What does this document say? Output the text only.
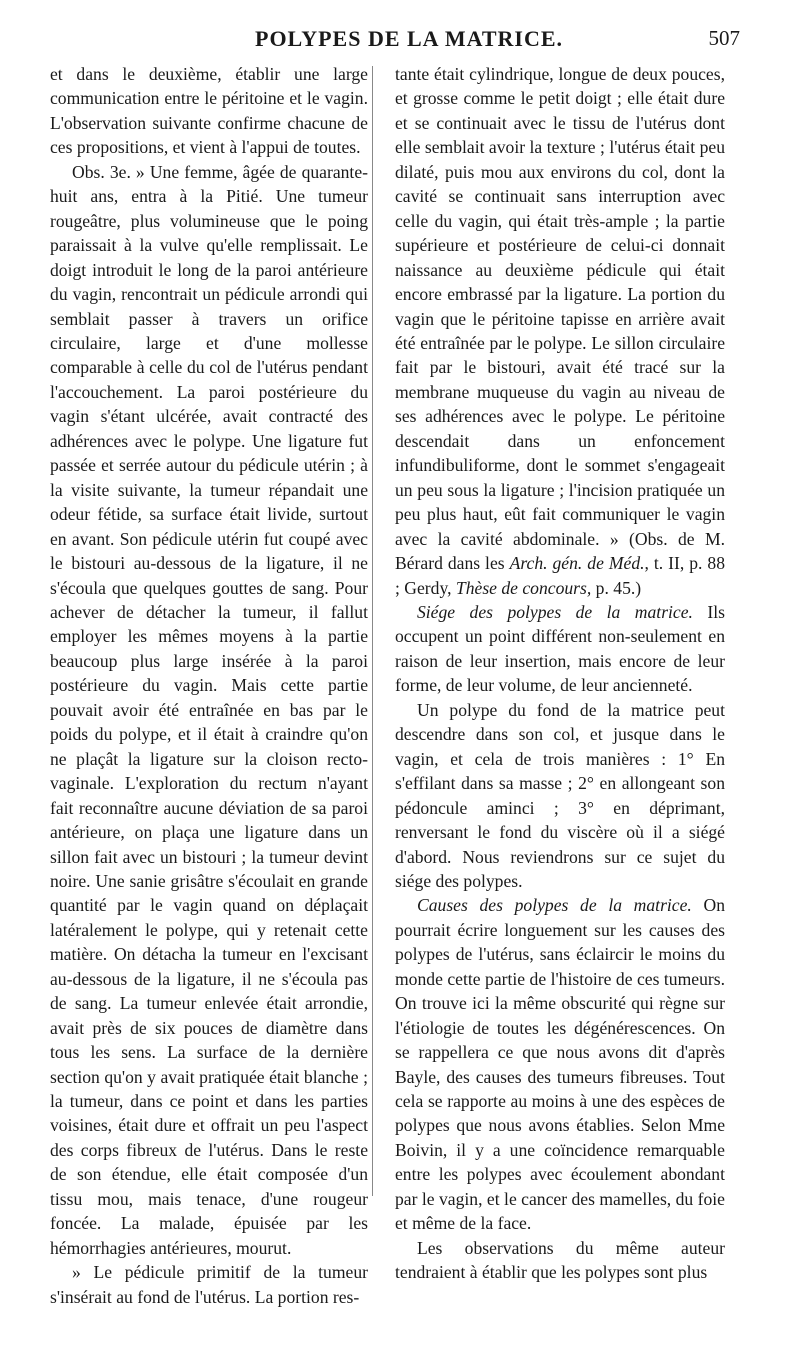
POLYPES DE LA MATRICE.	507

et dans le deuxième, établir une large communication entre le péritoine et le vagin. L'observation suivante confirme chacune de ces propositions, et vient à l'appui de toutes.

Obs. 3e. » Une femme, âgée de quarante-huit ans, entra à la Pitié. Une tumeur rougeâtre, plus volumineuse que le poing paraissait à la vulve qu'elle remplissait. Le doigt introduit le long de la paroi antérieure du vagin, rencontrait un pédicule arrondi qui semblait passer à travers un orifice circulaire, large et d'une mollesse comparable à celle du col de l'utérus pendant l'accouchement. La paroi postérieure du vagin s'étant ulcérée, avait contracté des adhérences avec le polype. Une ligature fut passée et serrée autour du pédicule utérin ; à la visite suivante, la tumeur répandait une odeur fétide, sa surface était livide, surtout en avant. Son pédicule utérin fut coupé avec le bistouri au-dessous de la ligature, il ne s'écoula que quelques gouttes de sang. Pour achever de détacher la tumeur, il fallut employer les mêmes moyens à la partie beaucoup plus large insérée à la paroi postérieure du vagin. Mais cette partie pouvait avoir été entraînée en bas par le poids du polype, et il était à craindre qu'on ne plaçât la ligature sur la cloison recto-vaginale. L'exploration du rectum n'ayant fait reconnaître aucune déviation de sa paroi antérieure, on plaça une ligature dans un sillon fait avec un bistouri ; la tumeur devint noire. Une sanie grisâtre s'écoulait en grande quantité par le vagin quand on déplaçait latéralement le polype, qui y retenait cette matière. On détacha la tumeur en l'excisant au-dessous de la ligature, il ne s'écoula pas de sang. La tumeur enlevée était arrondie, avait près de six pouces de diamètre dans tous les sens. La surface de la dernière section qu'on y avait pratiquée était blanche ; la tumeur, dans ce point et dans les parties voisines, était dure et offrait un peu l'aspect des corps fibreux de l'utérus. Dans le reste de son étendue, elle était composée d'un tissu mou, mais tenace, d'une rougeur foncée. La malade, épuisée par les hémorrhagies antérieures, mourut.

» Le pédicule primitif de la tumeur s'insérait au fond de l'utérus. La portion res-

tante était cylindrique, longue de deux pouces, et grosse comme le petit doigt ; elle était dure et se continuait avec le tissu de l'utérus dont elle semblait avoir la texture ; l'utérus était peu dilaté, puis mou aux environs du col, dont la cavité se continuait sans interruption avec celle du vagin, qui était très-ample ; la partie supérieure et postérieure de celui-ci donnait naissance au deuxième pédicule qui était encore embrassé par la ligature. La portion du vagin que le péritoine tapisse en arrière avait été entraînée par le polype. Le sillon circulaire fait par le bistouri, avait été tracé sur la membrane muqueuse du vagin au niveau de ses adhérences avec le polype. Le péritoine descendait dans un enfoncement infundibuliforme, dont le sommet s'engageait un peu sous la ligature ; l'incision pratiquée un peu plus haut, eût fait communiquer le vagin avec la cavité abdominale. » (Obs. de M. Bérard dans les Arch. gén. de Méd., t. II, p. 88 ; Gerdy, Thèse de concours, p. 45.)

Siége des polypes de la matrice. Ils occupent un point différent non-seulement en raison de leur insertion, mais encore de leur forme, de leur volume, de leur ancienneté.

Un polype du fond de la matrice peut descendre dans son col, et jusque dans le vagin, et cela de trois manières : 1° En s'effilant dans sa masse ; 2° en allongeant son pédoncule aminci ; 3° en déprimant, renversant le fond du viscère où il a siégé d'abord. Nous reviendrons sur ce sujet du siége des polypes.

Causes des polypes de la matrice. On pourrait écrire longuement sur les causes des polypes de l'utérus, sans éclaircir le moins du monde cette partie de l'histoire de ces tumeurs. On trouve ici la même obscurité qui règne sur l'étiologie de toutes les dégénérescences. On se rappellera ce que nous avons dit d'après Bayle, des causes des tumeurs fibreuses. Tout cela se rapporte au moins à une des espèces de polypes que nous avons établies. Selon Mme Boivin, il y a une coïncidence remarquable entre les polypes avec écoulement abondant par le vagin, et le cancer des mamelles, du foie et même de la face.

Les observations du même auteur tendraient à établir que les polypes sont plus
